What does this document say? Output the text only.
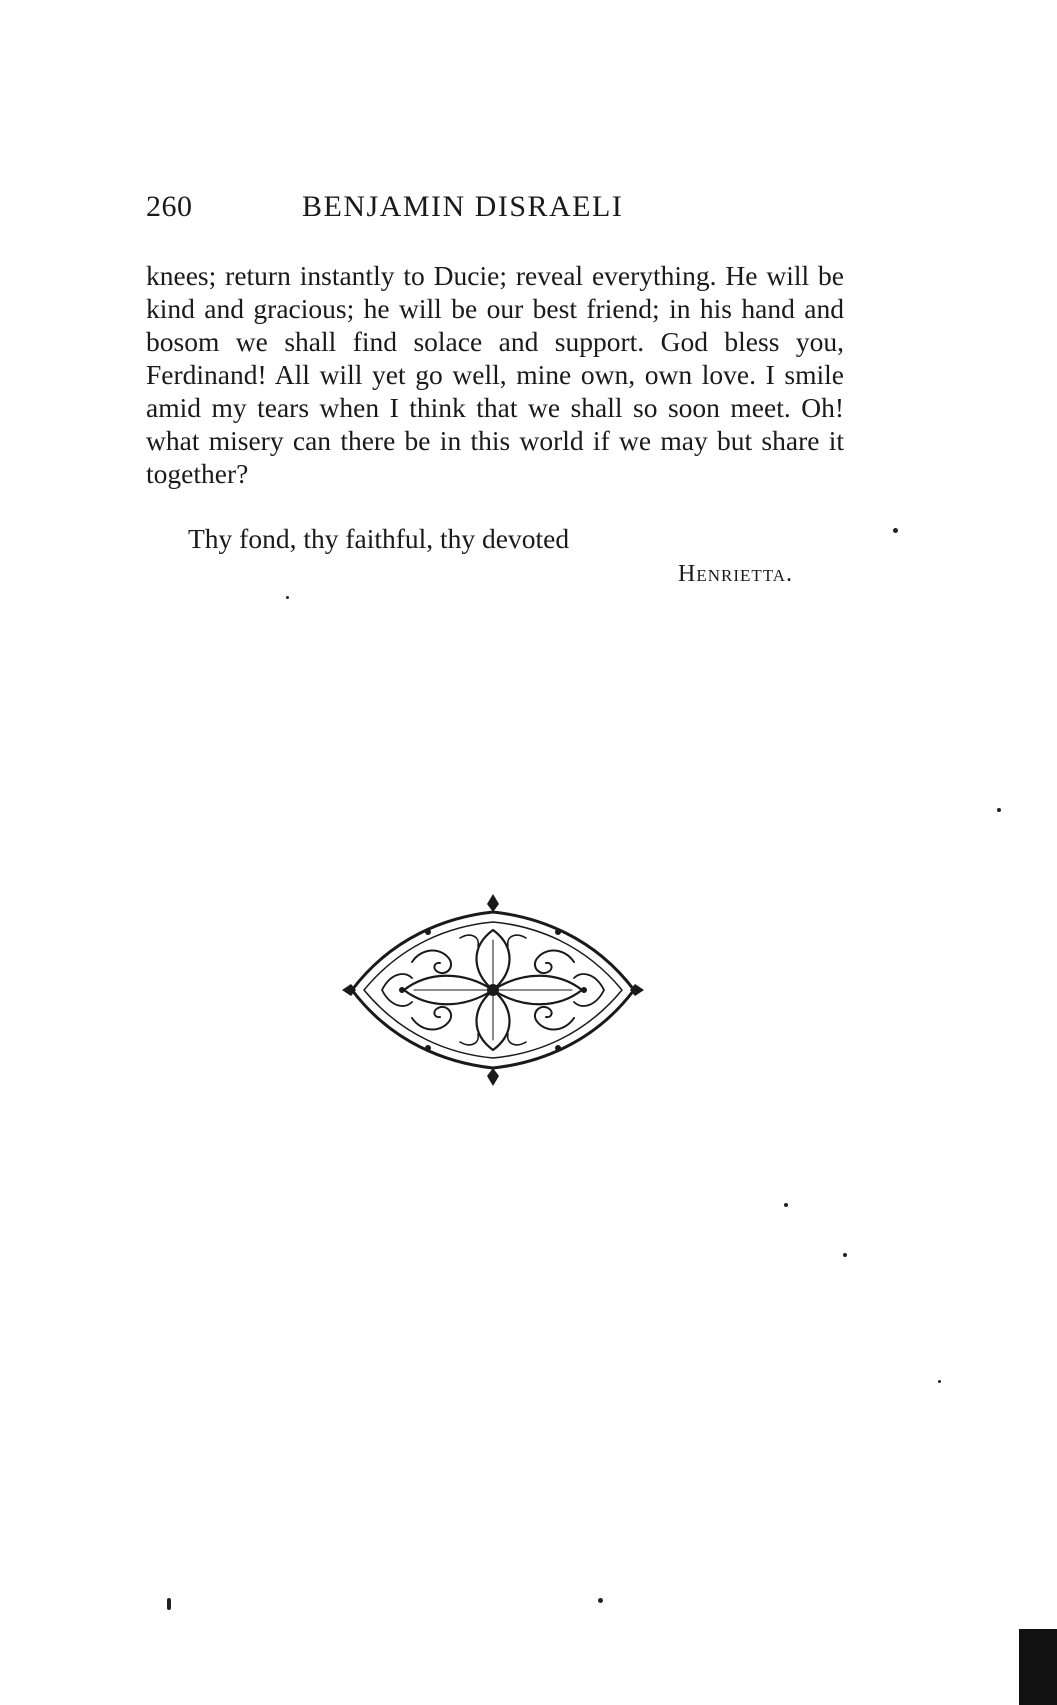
260	BENJAMIN DISRAELI

knees; return instantly to Ducie; reveal everything. He will be kind and gracious; he will be our best friend; in his hand and bosom we shall find solace and support. God bless you, Ferdinand! All will yet go well, mine own, own love. I smile amid my tears when I think that we shall so soon meet. Oh! what misery can there be in this world if we may but share it together?

Thy fond, thy faithful, thy devoted
Henrietta.
